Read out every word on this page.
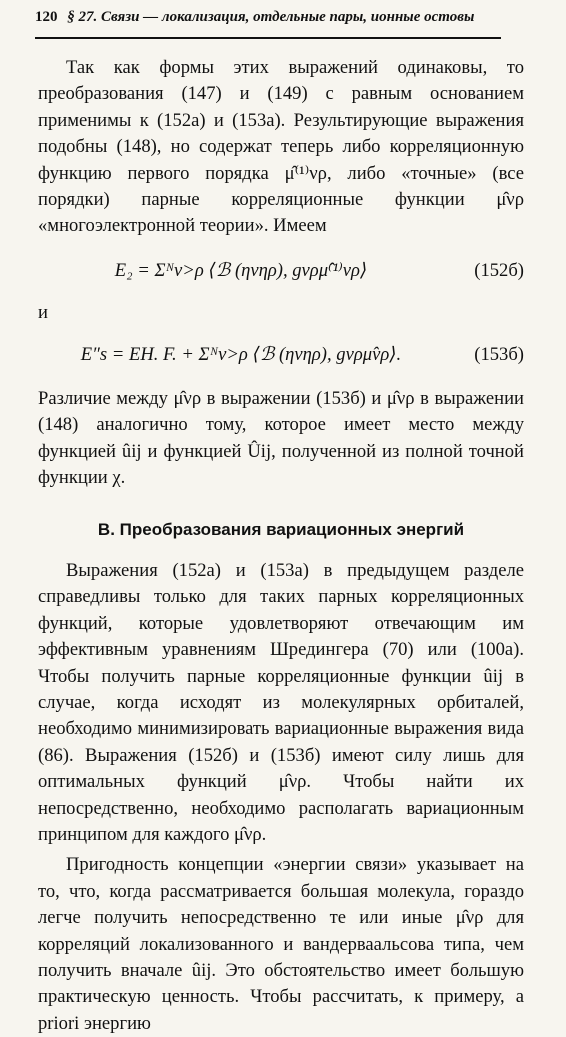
120 § 27. Связи — локализация, отдельные пары, ионные остовы

Так как формы этих выражений одинаковы, то преобразования (147) и (149) с равным основанием применимы к (152а) и (153а). Результирующие выражения подобны (148), но содержат теперь либо корреляционную функцию первого порядка μ̂⁽¹⁾νρ, либо «точные» (все порядки) парные корреляционные функции μ̂νρ «многоэлектронной теории». Имеем

E₂ = Σᴺν>ρ ⟨ℬ (ηνηρ), gνρμ̂⁽¹⁾νρ⟩	(152б)
и
E″s = EH. F. + Σᴺν>ρ ⟨ℬ (ηνηρ), gνρμ̂νρ⟩.	(153б)

Различие между μ̂νρ в выражении (153б) и μ̂νρ в выражении (148) аналогично тому, которое имеет место между функцией ûij и функцией Ûij, полученной из полной точной функции χ.

В. Преобразования вариационных энергий

Выражения (152а) и (153а) в предыдущем разделе справедливы только для таких парных корреляционных функций, которые удовлетворяют отвечающим им эффективным уравнениям Шредингера (70) или (100а). Чтобы получить парные корреляционные функции ûij в случае, когда исходят из молекулярных орбиталей, необходимо минимизировать вариационные выражения вида (86). Выражения (152б) и (153б) имеют силу лишь для оптимальных функций μ̂νρ. Чтобы найти их непосредственно, необходимо располагать вариационным принципом для каждого μ̂νρ.

Пригодность концепции «энергии связи» указывает на то, что, когда рассматривается большая молекула, гораздо легче получить непосредственно те или иные μ̂νρ для корреляций локализованного и вандерваальсова типа, чем получить вначале ûij. Это обстоятельство имеет большую практическую ценность. Чтобы рассчитать, к примеру, a priori энергию
